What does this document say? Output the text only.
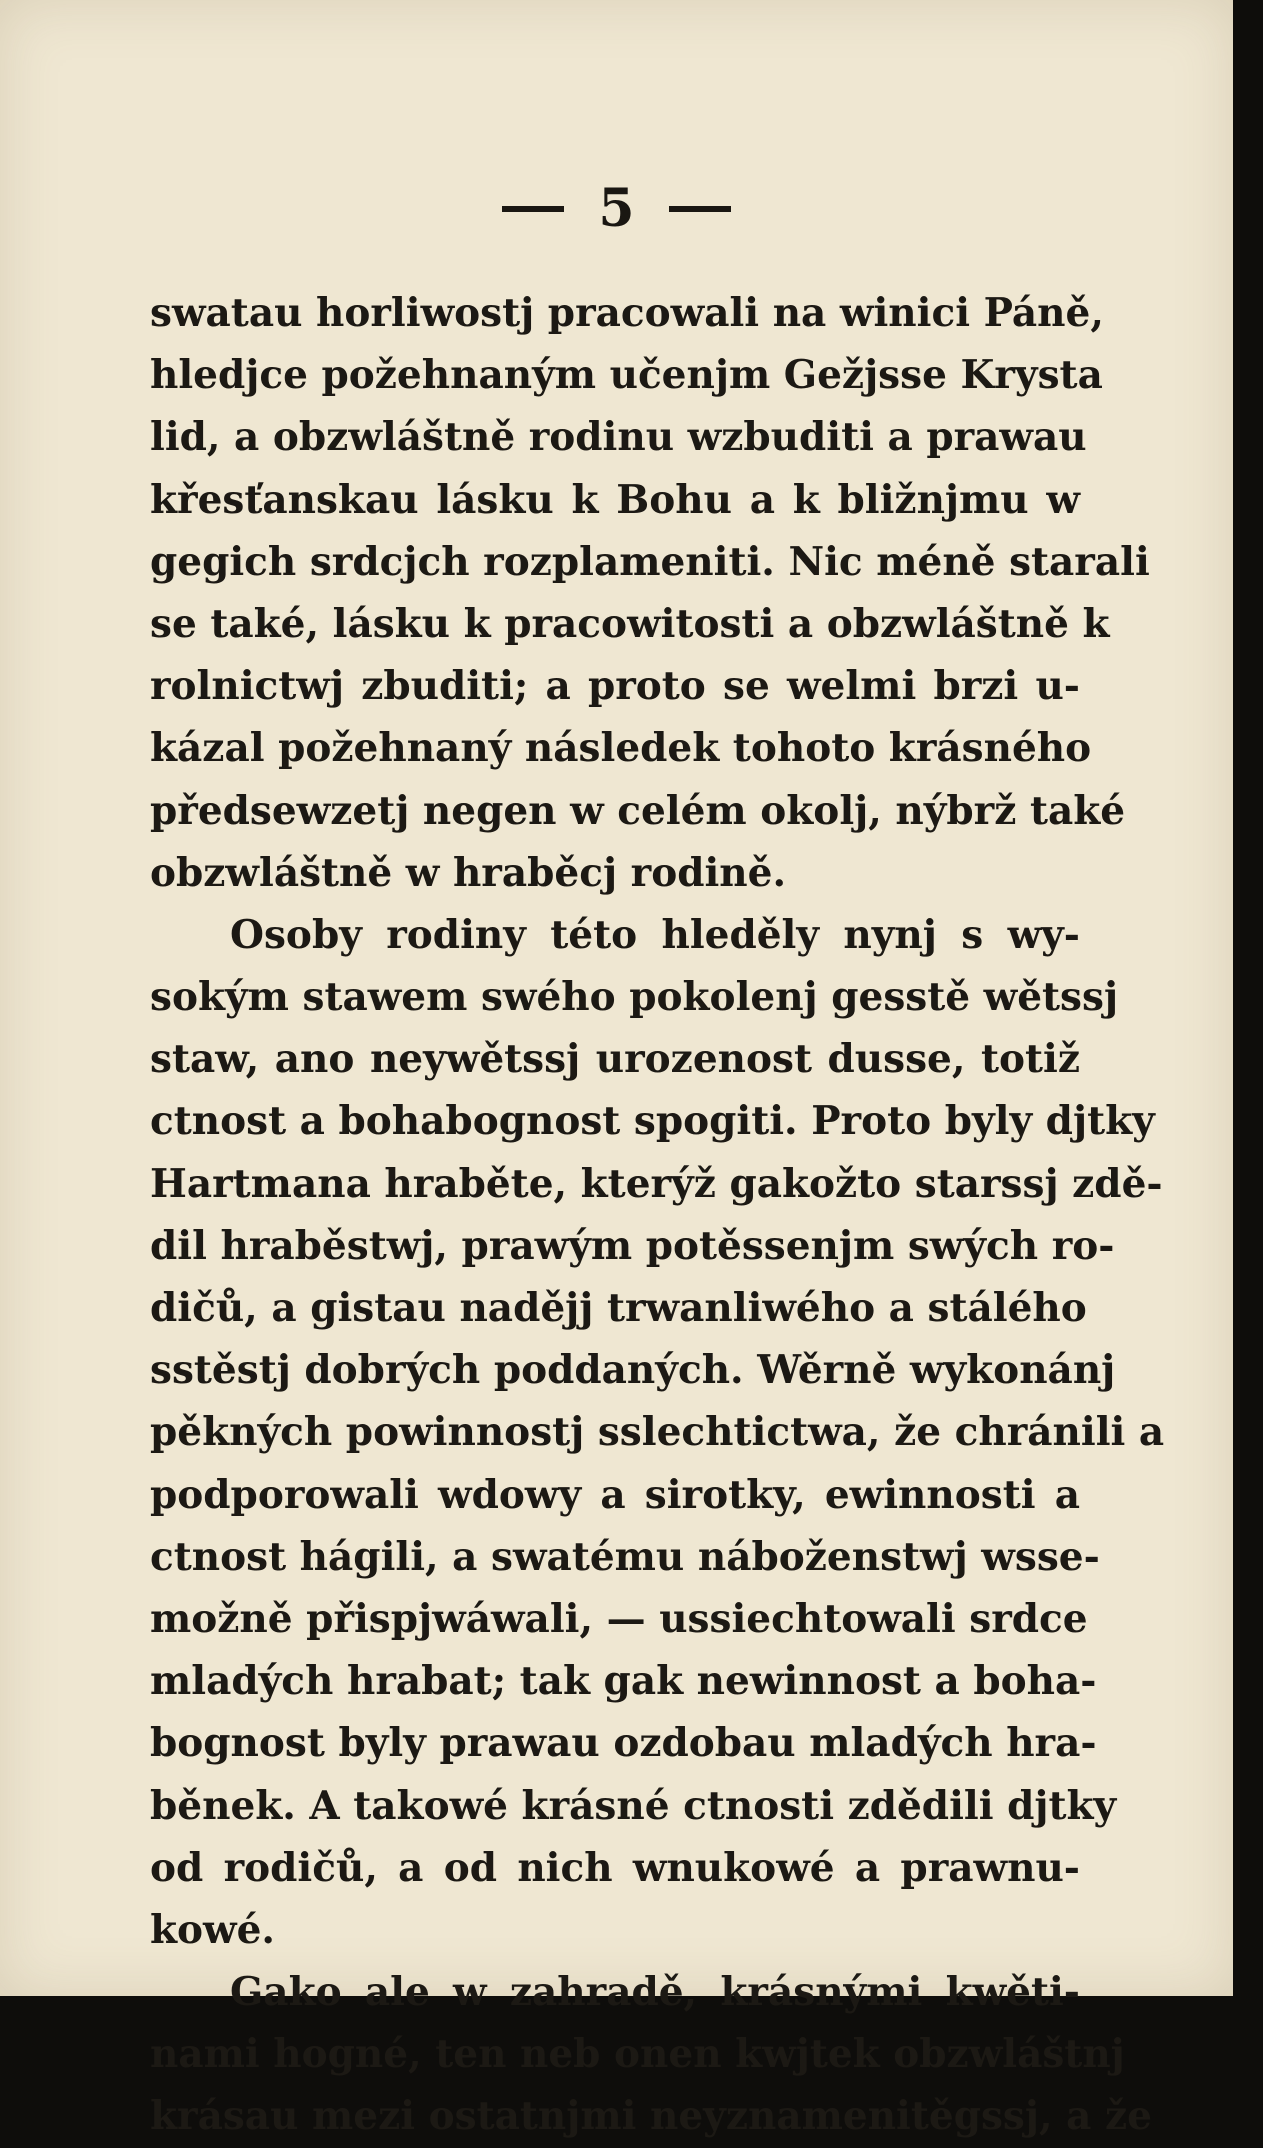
5
swatau horliwostj pracowali na winici Páně,
hledjce požehnaným učenjm Gežjsse Krysta
lid, a obzwláštně rodinu wzbuditi a prawau
křesťanskau lásku k Bohu a k bližnjmu w
gegich srdcjch rozplameniti. Nic méně starali
se také, lásku k pracowitosti a obzwláštně k
rolnictwj zbuditi; a proto se welmi brzi u-
kázal požehnaný následek tohoto krásného
předsewzetj negen w celém okolj, nýbrž také
obzwláštně w hraběcj rodině.
Osoby rodiny této hleděly nynj s wy-
sokým stawem swého pokolenj gesstě wětssj
staw, ano neywětssj urozenost dusse, totiž
ctnost a bohabognost spogiti. Proto byly djtky
Hartmana hraběte, kterýž gakožto starssj zdě-
dil hraběstwj, prawým potěssenjm swých ro-
dičů, a gistau nadějj trwanliwého a stálého
sstěstj dobrých poddaných. Wěrně wykonánj
pěkných powinnostj sslechtictwa, že chránili a
podporowali wdowy a sirotky, ewinnosti a
ctnost hágili, a swatému náboženstwj wsse-
možně přispjwáwali, — ussiechtowali srdce
mladých hrabat; tak gak newinnost a boha-
bognost byly prawau ozdobau mladých hra-
běnek. A takowé krásné ctnosti zdědili djtky
od rodičů, a od nich wnukowé a prawnu-
kowé.
Gako ale w zahradě, krásnými kwěti-
nami hogné, ten neb onen kwjtek obzwláštnj
krásau mezi ostatnjmi neyznamenitěgssj, a že
